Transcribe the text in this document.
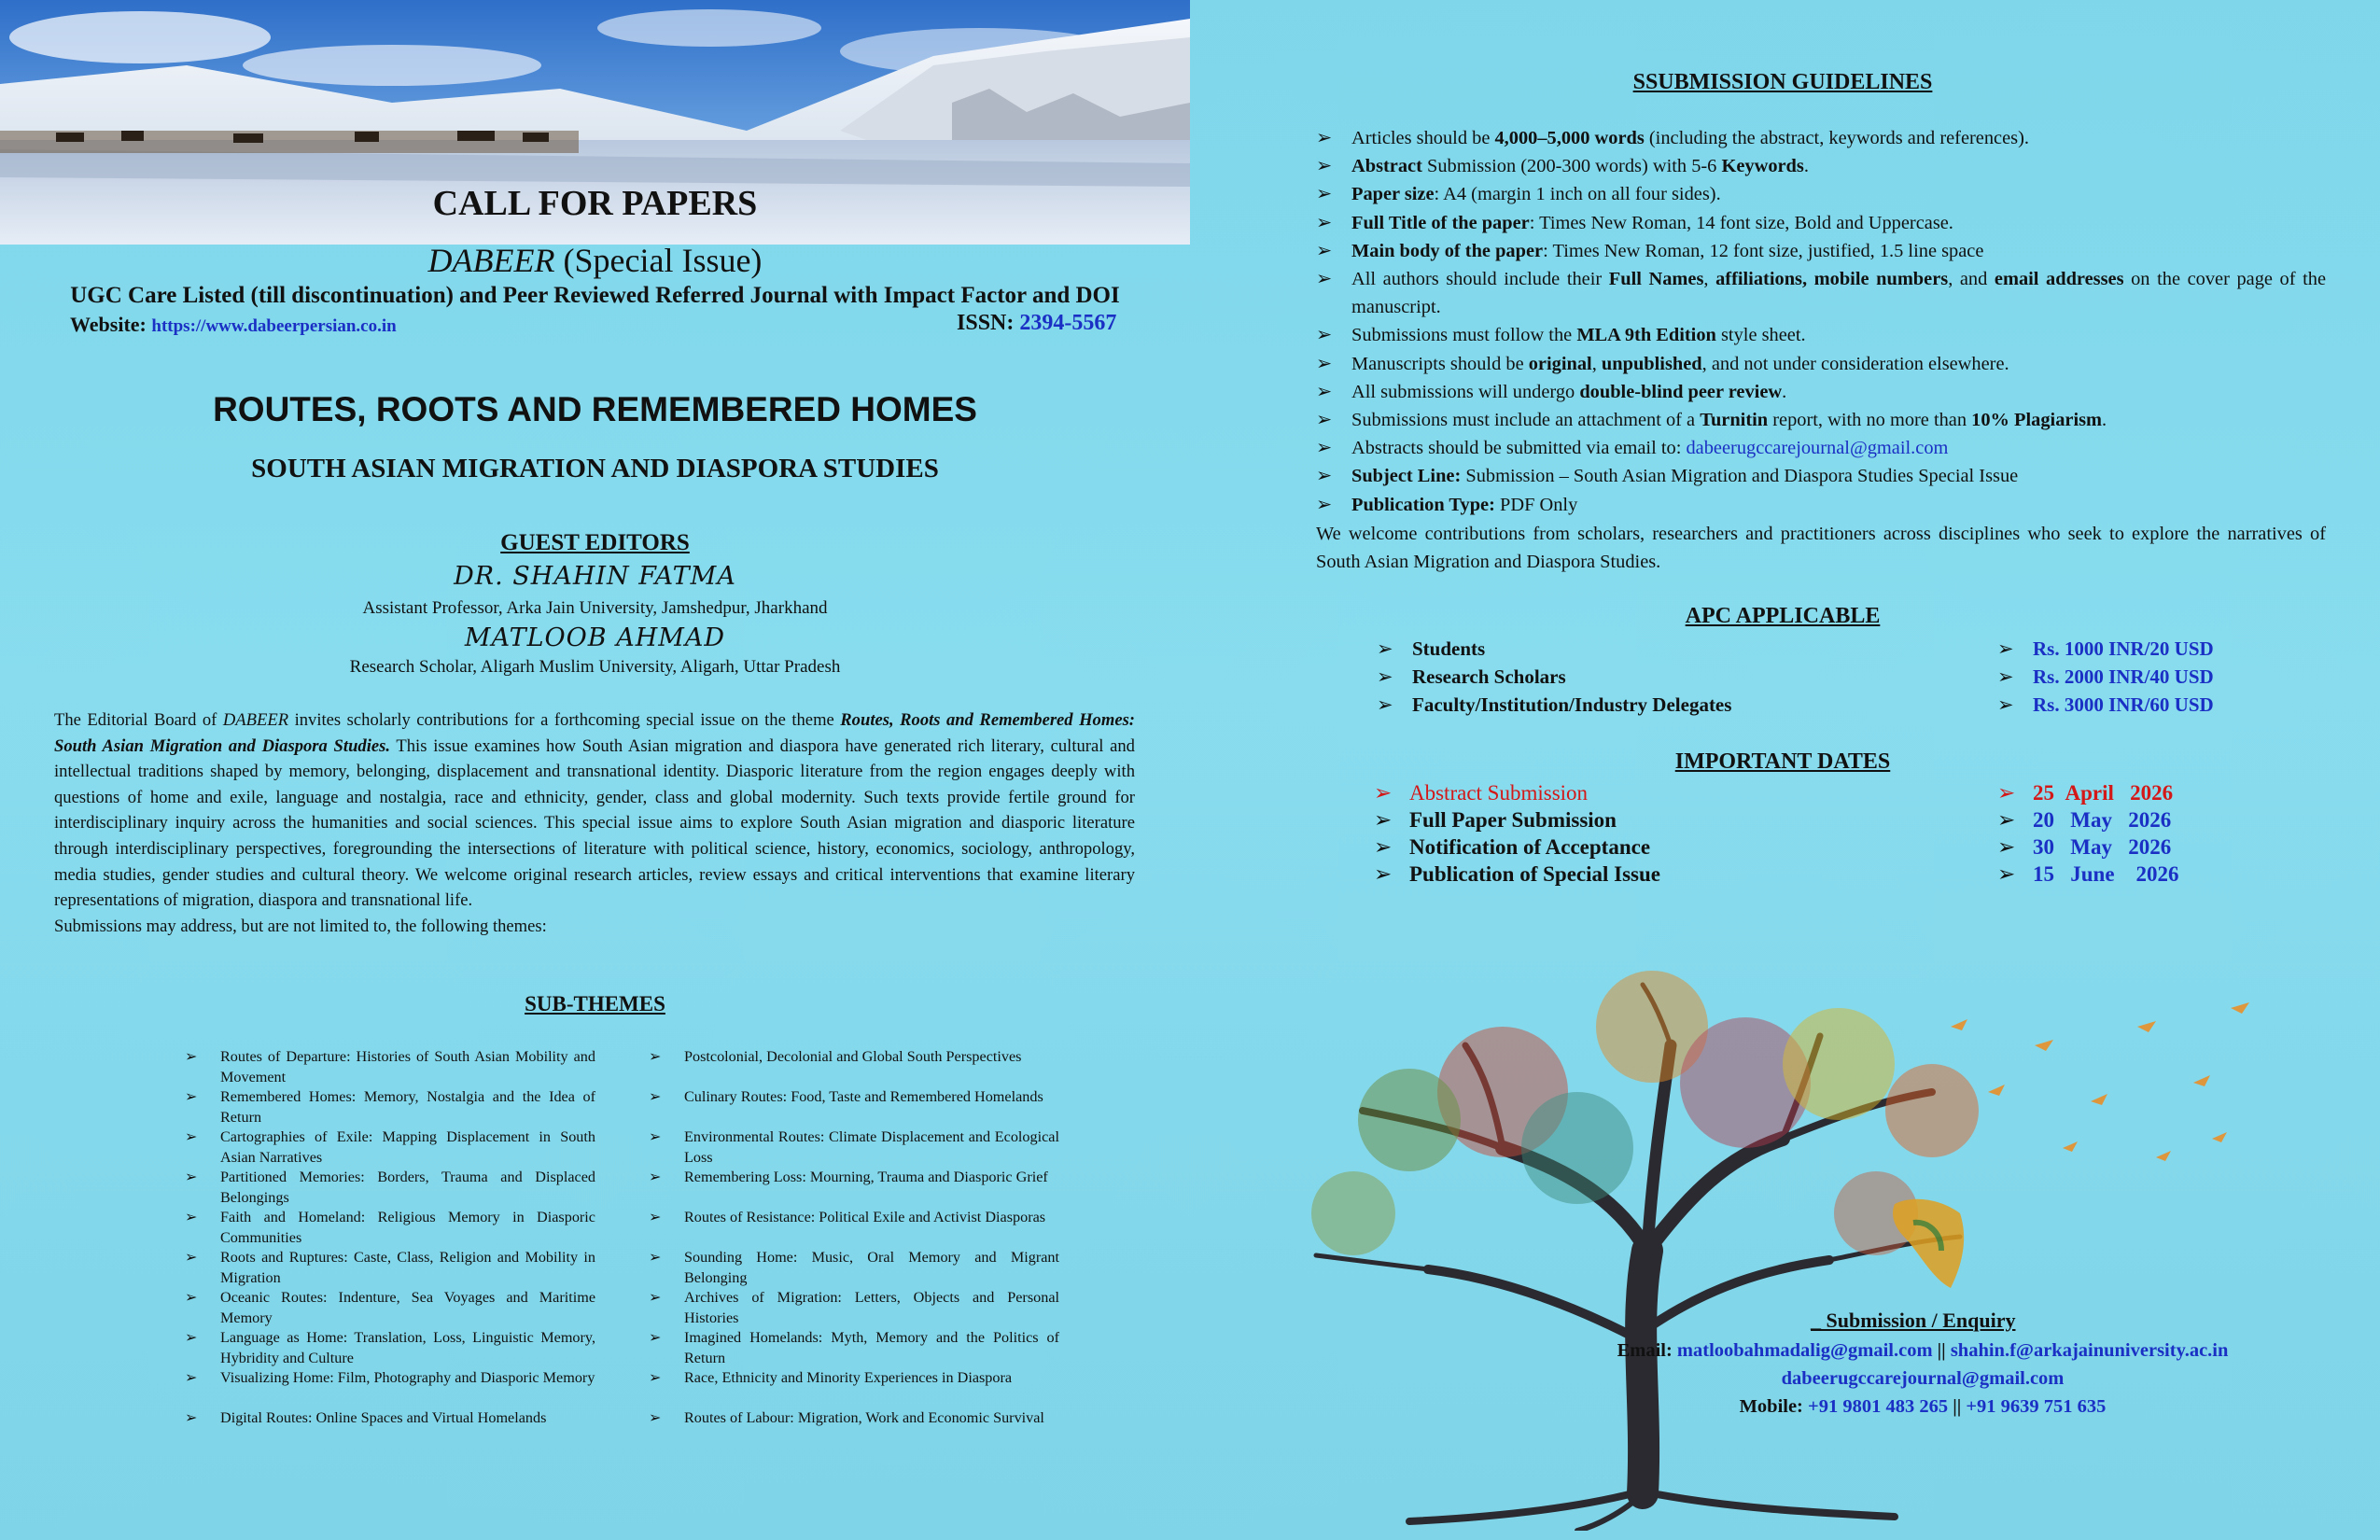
CALL FOR PAPERS
DABEER (Special Issue)
UGC Care Listed (till discontinuation) and Peer Reviewed Referred Journal with Impact Factor and DOI
Website: https://www.dabeerpersian.co.in	ISSN: 2394-5567
ROUTES, ROOTS AND REMEMBERED HOMES
SOUTH ASIAN MIGRATION AND DIASPORA STUDIES
GUEST EDITORS
DR. SHAHIN FATMA
Assistant Professor, Arka Jain University, Jamshedpur, Jharkhand
MATLOOB AHMAD
Research Scholar, Aligarh Muslim University, Aligarh, Uttar Pradesh

The Editorial Board of DABEER invites scholarly contributions for a forthcoming special issue on the theme Routes, Roots and Remembered Homes: South Asian Migration and Diaspora Studies. This issue examines how South Asian migration and diaspora have generated rich literary, cultural and intellectual traditions shaped by memory, belonging, displacement and transnational identity. Diasporic literature from the region engages deeply with questions of home and exile, language and nostalgia, race and ethnicity, gender, class and global modernity. Such texts provide fertile ground for interdisciplinary inquiry across the humanities and social sciences. This special issue aims to explore South Asian migration and diasporic literature through interdisciplinary perspectives, foregrounding the intersections of literature with political science, history, economics, sociology, anthropology, media studies, gender studies and cultural theory. We welcome original research articles, review essays and critical interventions that examine literary representations of migration, diaspora and transnational life.

Submissions may address, but are not limited to, the following themes:

SUB-THEMES
➢ Routes of Departure: Histories of South Asian Mobility and Movement
➢ Remembered Homes: Memory, Nostalgia and the Idea of Return
➢ Cartographies of Exile: Mapping Displacement in South Asian Narratives
➢ Partitioned Memories: Borders, Trauma and Displaced Belongings
➢ Faith and Homeland: Religious Memory in Diasporic Communities
➢ Roots and Ruptures: Caste, Class, Religion and Mobility in Migration
➢ Oceanic Routes: Indenture, Sea Voyages and Maritime Memory
➢ Language as Home: Translation, Loss, Linguistic Memory, Hybridity and Culture
➢ Visualizing Home: Film, Photography and Diasporic Memory
➢ Digital Routes: Online Spaces and Virtual Homelands
➢ Postcolonial, Decolonial and Global South Perspectives
➢ Culinary Routes: Food, Taste and Remembered Homelands
➢ Environmental Routes: Climate Displacement and Ecological Loss
➢ Remembering Loss: Mourning, Trauma and Diasporic Grief
➢ Routes of Resistance: Political Exile and Activist Diasporas
➢ Sounding Home: Music, Oral Memory and Migrant Belonging
➢ Archives of Migration: Letters, Objects and Personal Histories
➢ Imagined Homelands: Myth, Memory and the Politics of Return
➢ Race, Ethnicity and Minority Experiences in Diaspora
➢ Routes of Labour: Migration, Work and Economic Survival
SSUBMISSION GUIDELINES
➢ Articles should be 4,000–5,000 words (including the abstract, keywords and references).
➢ Abstract Submission (200-300 words) with 5-6 Keywords.
➢ Paper size: A4 (margin 1 inch on all four sides).
➢ Full Title of the paper: Times New Roman, 14 font size, Bold and Uppercase.
➢ Main body of the paper: Times New Roman, 12 font size, justified, 1.5 line space
➢ All authors should include their Full Names, affiliations, mobile numbers, and email addresses on the cover page of the manuscript.
➢ Submissions must follow the MLA 9th Edition style sheet.
➢ Manuscripts should be original, unpublished, and not under consideration elsewhere.
➢ All submissions will undergo double-blind peer review.
➢ Submissions must include an attachment of a Turnitin report, with no more than 10% Plagiarism.
➢ Abstracts should be submitted via email to: dabeerugccarejournal@gmail.com
➢ Subject Line: Submission – South Asian Migration and Diaspora Studies Special Issue
➢ Publication Type: PDF Only
We welcome contributions from scholars, researchers and practitioners across disciplines who seek to explore the narratives of South Asian Migration and Diaspora Studies.
APC APPLICABLE
➢ Students
➢ Research Scholars
➢ Faculty/Institution/Industry Delegates
➢ Rs. 1000 INR/20 USD
➢ Rs. 2000 INR/40 USD
➢ Rs. 3000 INR/60 USD
IMPORTANT DATES
➢ Abstract Submission
➢ Full Paper Submission
➢ Notification of Acceptance
➢ Publication of Special Issue
➢ 25 April 2026
➢ 20 May 2026
➢ 30 May 2026
➢ 15 June 2026
_ Submission / Enquiry
Email: matloobahmadalig@gmail.com || shahin.f@arkajainuniversity.ac.in
dabeerugccarejournal@gmail.com
Mobile: +91 9801 483 265 || +91 9639 751 635
